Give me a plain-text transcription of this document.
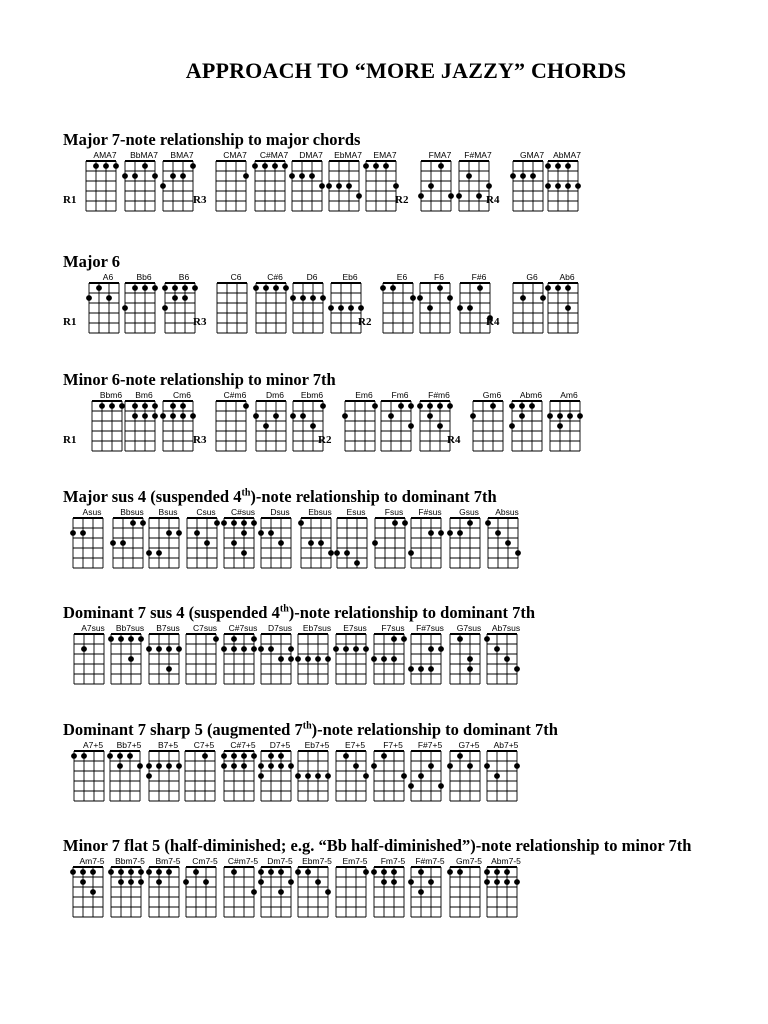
APPROACH TO “MORE JAZZY” CHORDS
Major 7-note relationship to major chords
AMA7	BbMA7	BMA7	CMA7	C#MA7	DMA7	EbMA7	EMA7	FMA7	F#MA7	GMA7	AbMA7
R1	R3	R2	R4
Major 6
A6	Bb6	B6	C6	C#6	D6	Eb6	E6	F6	F#6	G6	Ab6
R1	R3	R2	R4
Minor 6-note relationship to minor 7th
Bbm6	Bm6	Cm6	C#m6	Dm6	Ebm6	Em6	Fm6	F#m6	Gm6	Abm6	Am6
R1	R3	R2	R4
Major sus 4 (suspended 4th)-note relationship to dominant 7th
Asus	Bbsus	Bsus	Csus	C#sus	Dsus	Ebsus	Esus	Fsus	F#sus	Gsus	Absus
Dominant 7 sus 4 (suspended 4th)-note relationship to dominant 7th
A7sus	Bb7sus	B7sus	C7sus	C#7sus	D7sus	Eb7sus	E7sus	F7sus	F#7sus	G7sus	Ab7sus
Dominant 7 sharp 5 (augmented 7th)-note relationship to dominant 7th
A7+5	Bb7+5	B7+5	C7+5	C#7+5	D7+5	Eb7+5	E7+5	F7+5	F#7+5	G7+5	Ab7+5
Minor 7 flat 5 (half-diminished; e.g. “Bb half-diminished”)-note relationship to minor 7th
Am7-5	Bbm7-5	Bm7-5	Cm7-5	C#m7-5	Dm7-5	Ebm7-5	Em7-5	Fm7-5	F#m7-5	Gm7-5	Abm7-5
